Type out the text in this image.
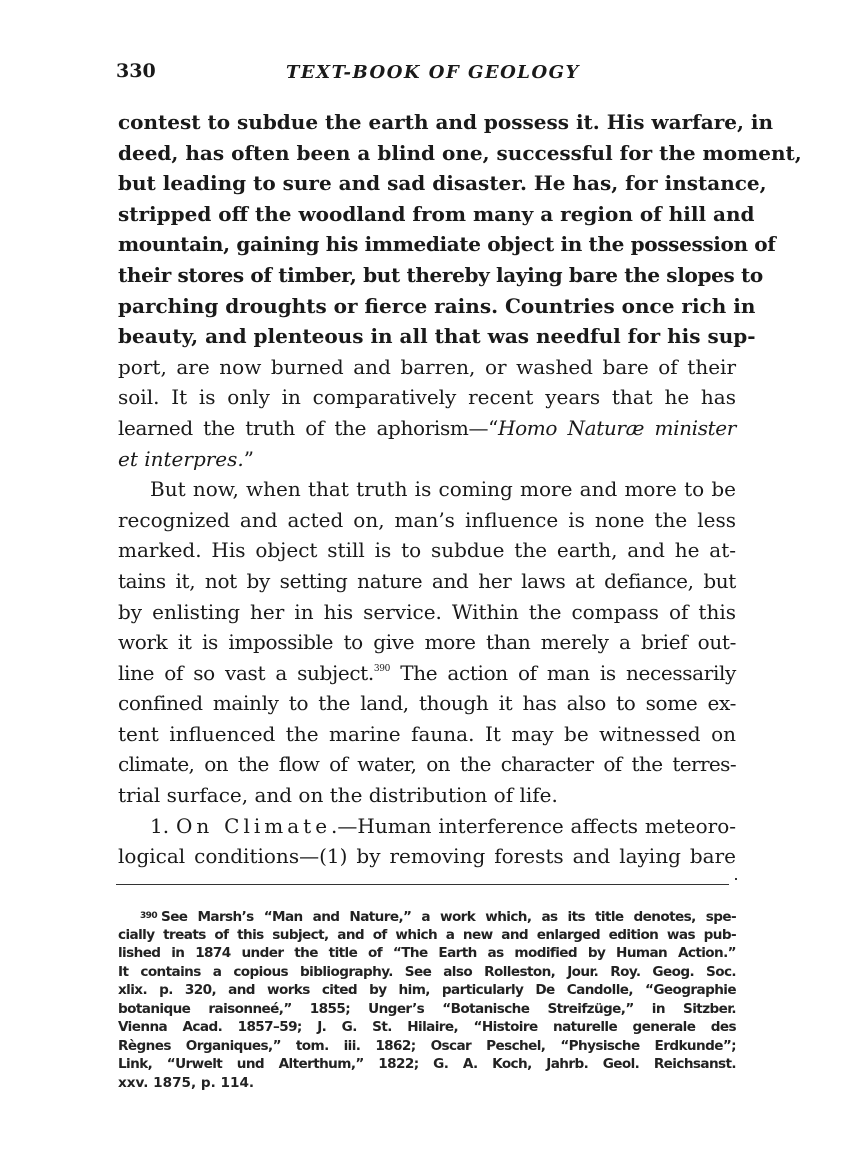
330	TEXT-BOOK OF GEOLOGY
contest to subdue the earth and possess it. His warfare, in
deed, has often been a blind one, successful for the moment,
but leading to sure and sad disaster. He has, for instance,
stripped off the woodland from many a region of hill and
mountain, gaining his immediate object in the possession of
their stores of timber, but thereby laying bare the slopes to
parching droughts or fierce rains. Countries once rich in
beauty, and plenteous in all that was needful for his sup-
port, are now burned and barren, or washed bare of their
soil. It is only in comparatively recent years that he has
learned the truth of the aphorism—“Homo Naturæ minister
et interpres.”
But now, when that truth is coming more and more to be
recognized and acted on, man’s influence is none the less
marked. His object still is to subdue the earth, and he at-
tains it, not by setting nature and her laws at defiance, but
by enlisting her in his service. Within the compass of this
work it is impossible to give more than merely a brief out-
line of so vast a subject.$^{390}$ The action of man is necessarily
confined mainly to the land, though it has also to some ex-
tent influenced the marine fauna. It may be witnessed on
climate, on the flow of water, on the character of the terres-
trial surface, and on the distribution of life.
1. On Climate.—Human interference affects meteoro-
logical conditions—(1) by removing forests and laying bare
$^{390}$ See Marsh’s “Man and Nature,” a work which, as its title denotes, spe-
cially treats of this subject, and of which a new and enlarged edition was pub-
lished in 1874 under the title of “The Earth as modified by Human Action.”
It contains a copious bibliography. See also Rolleston, Jour. Roy. Geog. Soc.
xlix. p. 320, and works cited by him, particularly De Candolle, “Geographie
botanique raisonneé,” 1855; Unger’s “Botanische Streifzüge,” in Sitzber.
Vienna Acad. 1857–59; J. G. St. Hilaire, “Histoire naturelle generale des
Règnes Organiques,” tom. iii. 1862; Oscar Peschel, “Physische Erdkunde”;
Link, “Urwelt und Alterthum,” 1822; G. A. Koch, Jahrb. Geol. Reichsanst.
xxv. 1875, p. 114.
